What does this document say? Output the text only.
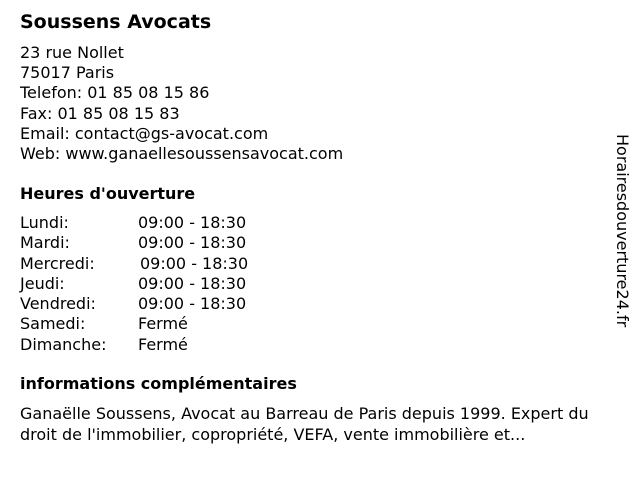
Soussens Avocats
23 rue Nollet
75017 Paris
Telefon: 01 85 08 15 86
Fax: 01 85 08 15 83
Email: contact@gs-avocat.com
Web: www.ganaellesoussensavocat.com
Heures d'ouverture
Lundi:	09:00 - 18:30
Mardi:	09:00 - 18:30
Mercredi:	09:00 - 18:30
Jeudi:	09:00 - 18:30
Vendredi:	09:00 - 18:30
Samedi:	Fermé
Dimanche: Fermé
informations complémentaires

Ganaëlle Soussens, Avocat au Barreau de Paris depuis 1999. Expert du droit de l'immobilier, copropriété, VEFA, vente immobilière et...

Horairesdouverture24.fr
